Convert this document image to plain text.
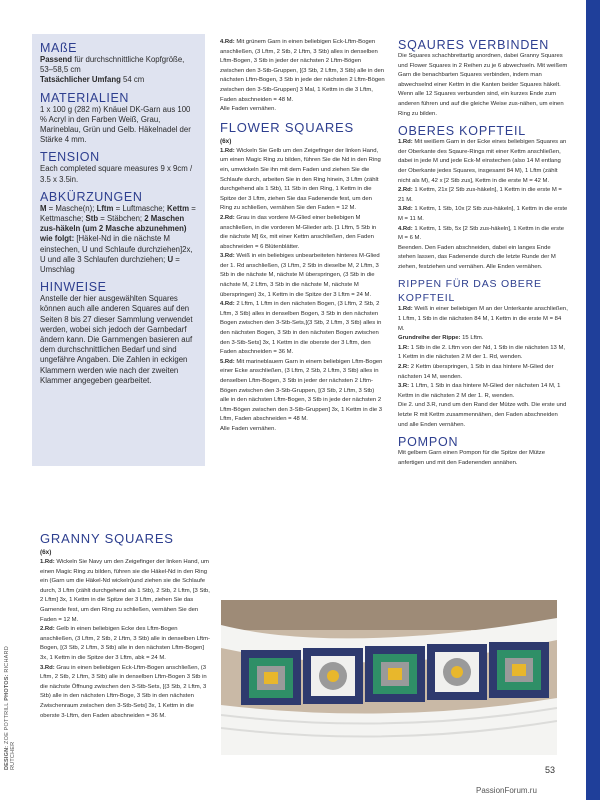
DESIGN: ZOE POTTRILL PHOTOS: RICHARD RUTCHER
MAßE

Passend für durchschnittliche Kopfgröße, 53–58,5 cm

Tatsächlicher Umfang 54 cm

MATERIALIEN

1 x 100 g (282 m) Knäuel DK-Garn aus 100 % Acryl in den Farben Weiß, Grau, Marineblau, Grün und Gelb. Häkelnadel der Stärke 4 mm.

TENSION

Each completed square measures 9 x 9cm / 3.5 x 3.5in.

ABKÜRZUNGEN

M = Masche(n); Lftm = Luftmasche; Kettm = Kettmasche; Stb = Stäbchen; 2 Maschen zus-häkeln (um 2 Masche abzunehmen) wie folgt: [Häkel-Nd in die nächste M einstechen, U und Schlaufe durchziehen]2x, U und alle 3 Schlaufen durchziehen; U = Umschlag

HINWEISE

Anstelle der hier ausgewählten Squares können auch alle anderen Squares auf den Seiten 8 bis 27 dieser Sammlung verwendet werden, wobei sich jedoch der Garnbedarf ändern kann. Die Garnmengen basieren auf dem durchschnittlichen Bedarf und sind ungefähre Angaben. Die Zahlen in eckigen Klammern werden wie nach der zweiten Klammer angegeben gearbeitet.

GRANNY SQUARES
(6x)

1.Rd: Wickeln Sie Navy um den Zeigefinger der linken Hand, um einen Magic Ring zu bilden, führen sie die Häkel-Nd in den Ring ein (Garn um die Häkel-Nd wickeln)und ziehen sie die Schlaufe durch, 3 Lftm (zählt durchgehend als 1 Stb), 2 Stb, 2 Lftm, [3 Stb, 2 Lftm] 3x, 1 Kettm in die Spitze der 3 Lftm, ziehen Sie das Garnende fest, um den Ring zu schließen, vernähen Sie den Faden = 12 M.

2.Rd: Gelb in einen beliebigen Ecke des Lftm-Bogen anschließen, (3 Lftm, 2 Stb, 2 Lftm, 3 Stb) alle in denselben Lftm-Bogen, [(3 Stb, 2 Lftm, 3 Stb) alle in den nächsten Lftm-Bogen] 3x, 1 Kettm in die Spitze der 3 Lftm, abk = 24 M.

3.Rd: Grau in einen beliebigen Eck-Lftm-Bogen anschließen, (3 Lftm, 2 Stb, 2 Lftm, 3 Stb) alle in denselben Lftm-Bogen 3 Stb in die nächste Öffnung zwischen den 3-Stb-Sets, [(3 Stb, 2 Lftm, 3 Stb) alle in den nächsten Lftm-Boge, 3 Stb in den nächsten Zwischenraum zwischen den 3-Stb-Sets] 3x, 1 Kettm in die oberste 3-Lftm, den Faden abschneiden = 36 M.

4.Rd: Mit grünem Garn in einen beliebigen Eck-Lftm-Bogen anschließen, (3 Lftm, 2 Stb, 2 Lftm, 3 Stb) alles in denselben Lftm-Bogen, 3 Stb in jeder der nächsten 2 Lftm-Bögen zwischen den 3-Stb-Gruppen, [(3 Stb, 2 Lftm, 3 Stb) alle in den nächsten Lftm-Bogen, 3 Stb in jede der nächsten 2 Lftm-Bögen zwischen den 3-Stb-Gruppen] 3 Mal, 1 Kettm in die 3 Lftm, Faden abschneiden = 48 M.

Alle Faden vernähen.

FLOWER SQUARES
(6x)

1.Rd: Wickeln Sie Gelb um den Zeigefinger der linken Hand, um einen Magic Ring zu bilden, führen Sie die Nd in den Ring ein, umwickeln Sie ihn mit dem Faden und ziehen Sie die Schlaufe durch, arbeiten Sie in den Ring hinein, 3 Lftm (zählt durchgehend als 1 Stb), 11 Stb in den Ring, 1 Kettm in die Spitze der 3 Lftm, ziehen Sie das Fadenende fest, um den Ring zu schließen, vernähen Sie den Faden = 12 M.

2.Rd: Grau in das vordere M-Glied einer beliebigen M anschließen, in die vorderen M-Glieder arb. [1 Lftm, 5 Stb in die nächste M] 6x, mit einer Kettm anschließen, den Faden abschneiden = 6 Blütenblätter.

3.Rd: Weiß in ein beliebiges unbearbeiteten hinteres M-Glied der 1. Rd anschließen, (3 Lftm, 2 Stb in dieselbe M, 2 Lftm, 3 Stb in die nächste M, nächste M überspringen, (3 Stb in die nächste M, 2 Lftm, 3 Stb in die nächste M, nächste M überspringen) 3x, 1 Kettm in die Spitze der 3 Lftm = 24 M.

4.Rd: 2 Lftm, 1 Lftm in den nächsten Bogen, (3 Lftm, 2 Stb, 2 Lftm, 3 Stb) alles in denselben Bogen, 3 Stb in den nächsten Bogen zwischen den 3-Stb-Sets,[(3 Stb, 2 Lftm, 3 Stb) alles in den nächsten Bogen, 3 Stb in den nächsten Bogen zwischen den 3-Stb-Sets] 3x, 1 Kettm in die oberste der 3 Lftm, den Faden abschneiden = 36 M.

5.Rd: Mit marineblauem Garn in einem beliebigen Lftm-Bogen einer Ecke anschließen, (3 Lftm, 2 Stb, 2 Lftm, 3 Stb) alles in denselben Lftm-Bogen, 3 Stb in jeder der nächsten 2 Lftm-Bögen zwischen den 3-Stb-Gruppen, [(3 Stb, 2 Lftm, 3 Stb) alle in den nächsten Lftm-Bogen, 3 Stb in jede der nächsten 2 Lftm-Bögen zwischen den 3-Stb-Gruppen] 3x, 1 Kettm in die 3 Lftm, Faden abschneiden = 48 M.

Alle Faden vernähen.

SQAURES VERBINDEN

Die Squares schachbrettartig anordnen, dabei Granny Squares und Flower Squares in 2 Reihen zu je 6 abwechseln. Mit weißem Garn die benachbarten Squares verbinden, indem man abwechselnd einer Kettm in die Kanten beider Squares häkelt. Wenn alle 12 Squares verbunden sind, ein kurzes Ende zum anderen führen und auf die gleiche Weise zus-nähen, um einen Ring zu bilden.

OBERES KOPFTEIL

1.Rd: Mit weißem Garn in der Ecke eines beliebigen Squares an der Oberkante des Sqaure-Rings mit einer Kettm anschließen, dabei in jede M und jede Eck-M einstechen (also 14 M entlang der Oberkante jedes Squares, insgesamt 84 M), 1 Lftm (zählt nicht als M), 42 x [2 Stb zus], Kettm in die erste M = 42 M.

2.Rd: 1 Kettm, 21x [2 Stb zus-häkeln], 1 Kettm in die erste M = 21 M.

3.Rd: 1 Kettm, 1 Stb, 10x [2 Stb zus-häkeln], 1 Kettm in die erste M = 11 M.

4.Rd: 1 Kettm, 1 Stb, 5x [2 Stb zus-häkeln], 1 Kettm in die erste M = 6 M.

Beenden. Den Faden abschneiden, dabei ein langes Ende stehen lassen, das Fadenende durch die letzte Runde der M ziehen, festziehen und vernähen. Alle Enden vernähen.

RIPPEN FÜR DAS OBERE KOPFTEIL

1.Rd: Weiß in einer beliebigen M an der Unterkante anschließen, 1 Lftm, 1 Stb in die nächsten 84 M, 1 Kettm in die erste M = 84 M.

Grundreihe der Rippe: 15 Lftm.

1.R: 1 Stb in die 2. Lftm von der Nd, 1 Stb in die nächsten 13 M, 1 Kettm in die nächsten 2 M der 1. Rd, wenden.

2.R: 2 Kettm überspringen, 1 Stb in das hintere M-Glied der nächsten 14 M, wenden.

3.R: 1 Lftm, 1 Stb in das hintere M-Glied der nächsten 14 M, 1 Kettm in die nächsten 2 M der 1. R, wenden.

Die 2. und 3.R, rund um den Rand der Mütze wdh. Die erste und letzte R mit Kettm zusammennähen, den Faden abschneiden und alle Enden vernähen.

POMPON

Mit gelbem Garn einen Pompon für die Spitze der Mütze anfertigen und mit den Fadenenden annähen.

53
PassionForum.ru
